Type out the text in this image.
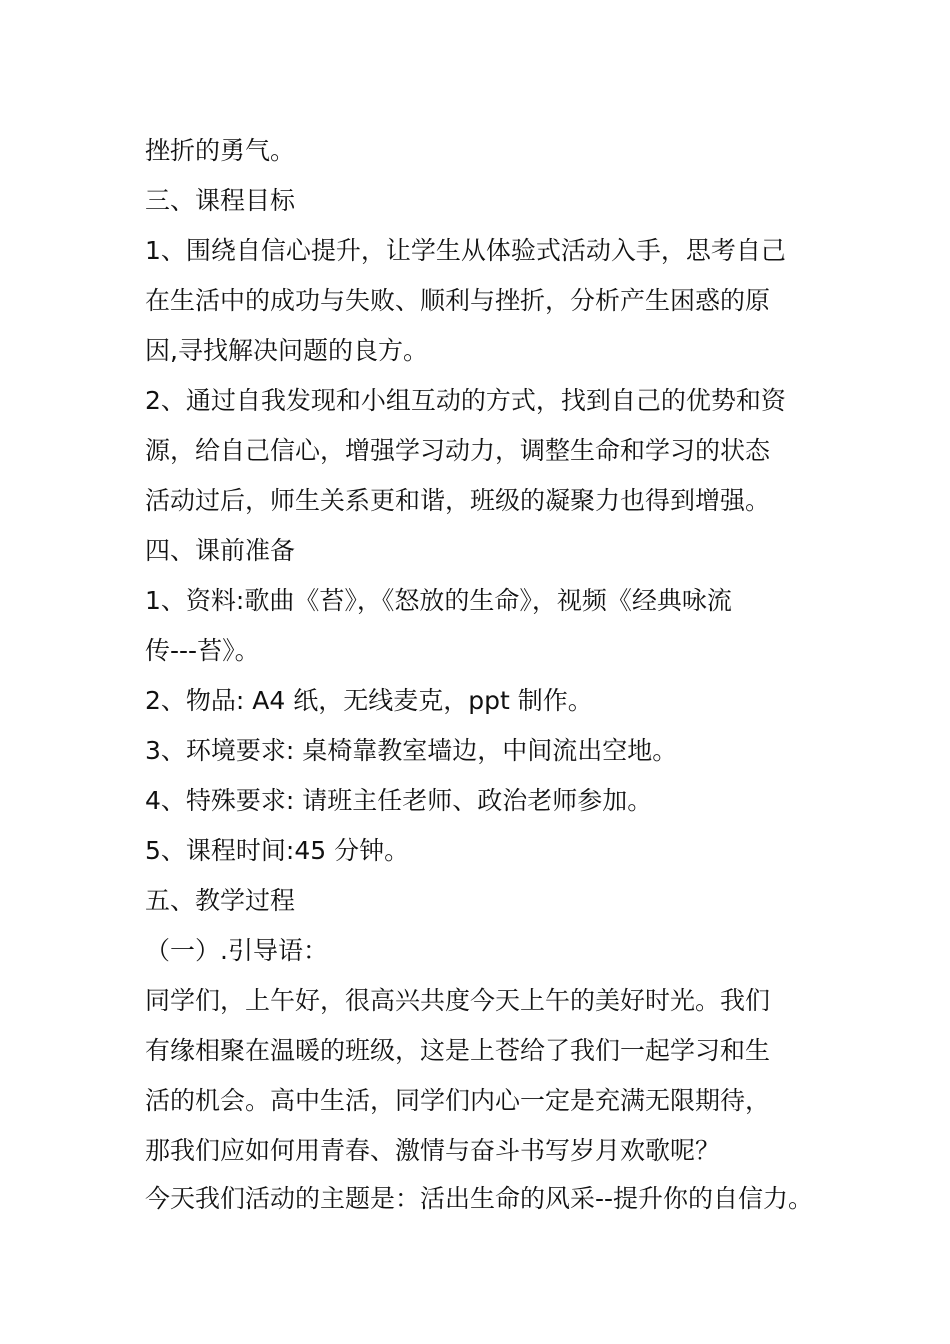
挫折的勇气。
三、课程目标
1、围绕自信心提升，让学生从体验式活动入手，思考自己
在生活中的成功与失败、顺利与挫折，分析产生困惑的原
因,寻找解决问题的良方。
2、通过自我发现和小组互动的方式，找到自己的优势和资
源，给自己信心，增强学习动力，调整生命和学习的状态
活动过后，师生关系更和谐，班级的凝聚力也得到增强。
四、课前准备
1、资料:歌曲《苔》，《怒放的生命》，视频《经典咏流
传---苔》。
2、物品: A4 纸，无线麦克，ppt 制作。
3、环境要求: 桌椅靠教室墙边，中间流出空地。
4、特殊要求: 请班主任老师、政治老师参加。
5、课程时间:45 分钟。
五、教学过程
（一）.引导语：
同学们，上午好，很高兴共度今天上午的美好时光。我们
有缘相聚在温暖的班级，这是上苍给了我们一起学习和生
活的机会。高中生活，同学们内心一定是充满无限期待，
那我们应如何用青春、激情与奋斗书写岁月欢歌呢？
今天我们活动的主题是：活出生命的风采--提升你的自信力。
